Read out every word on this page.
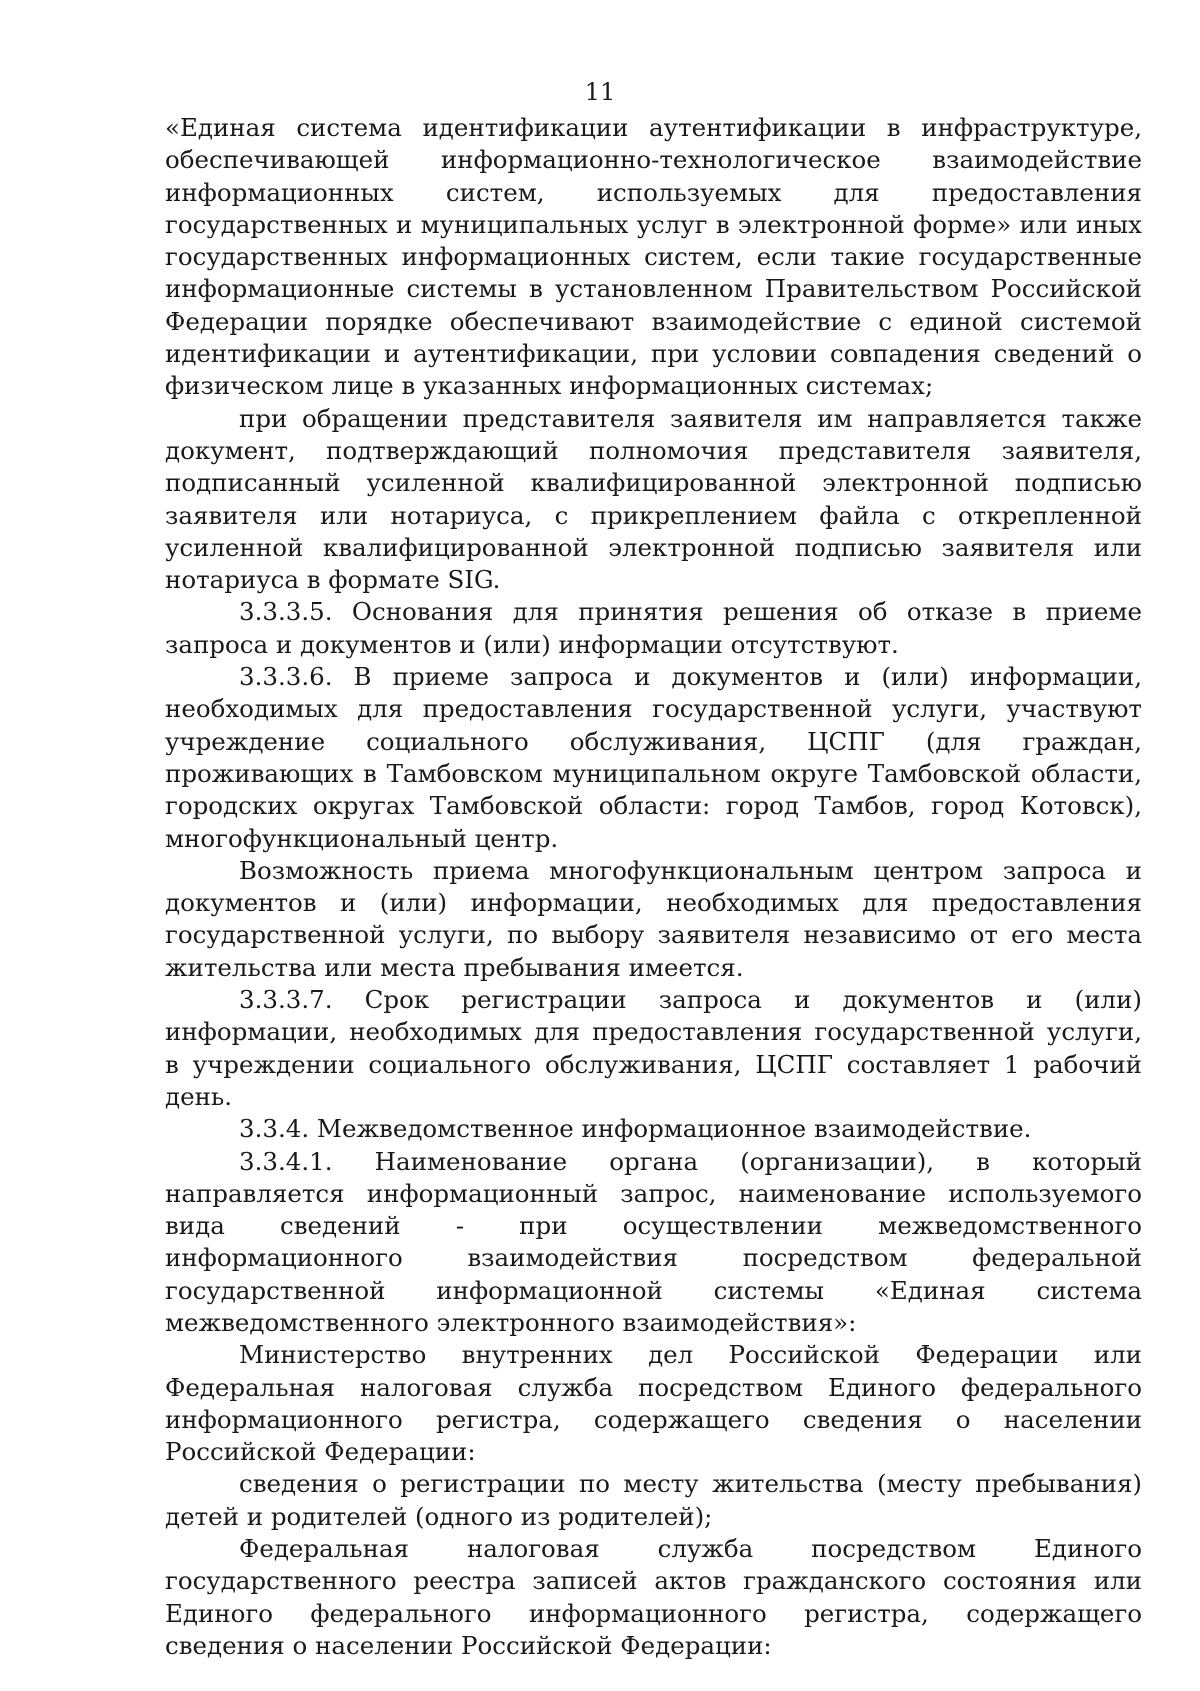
11

«Единая система идентификации аутентификации в инфраструктуре, обеспечивающей информационно-технологическое взаимодействие информационных систем, используемых для предоставления государственных и муниципальных услуг в электронной форме» или иных государственных информационных систем, если такие государственные информационные системы в установленном Правительством Российской Федерации порядке обеспечивают взаимодействие с единой системой идентификации и аутентификации, при условии совпадения сведений о физическом лице в указанных информационных системах;

при обращении представителя заявителя им направляется также документ, подтверждающий полномочия представителя заявителя, подписанный усиленной квалифицированной электронной подписью заявителя или нотариуса, с прикреплением файла с открепленной усиленной квалифицированной электронной подписью заявителя или нотариуса в формате SIG.

3.3.3.5. Основания для принятия решения об отказе в приеме запроса и документов и (или) информации отсутствуют.

3.3.3.6. В приеме запроса и документов и (или) информации, необходимых для предоставления государственной услуги, участвуют учреждение социального обслуживания, ЦСПГ (для граждан, проживающих в Тамбовском муниципальном округе Тамбовской области, городских округах Тамбовской области: город Тамбов, город Котовск), многофункциональный центр.

Возможность приема многофункциональным центром запроса и документов и (или) информации, необходимых для предоставления государственной услуги, по выбору заявителя независимо от его места жительства или места пребывания имеется.

3.3.3.7. Срок регистрации запроса и документов и (или) информации, необходимых для предоставления государственной услуги, в учреждении социального обслуживания, ЦСПГ составляет 1 рабочий день.

3.3.4. Межведомственное информационное взаимодействие.

3.3.4.1. Наименование органа (организации), в который направляется информационный запрос, наименование используемого вида сведений - при осуществлении межведомственного информационного взаимодействия посредством федеральной государственной информационной системы «Единая система межведомственного электронного взаимодействия»:

Министерство внутренних дел Российской Федерации или Федеральная налоговая служба посредством Единого федерального информационного регистра, содержащего сведения о населении Российской Федерации:

сведения о регистрации по месту жительства (месту пребывания) детей и родителей (одного из родителей);

Федеральная налоговая служба посредством Единого государственного реестра записей актов гражданского состояния или Единого федерального информационного регистра, содержащего сведения о населении Российской Федерации:
